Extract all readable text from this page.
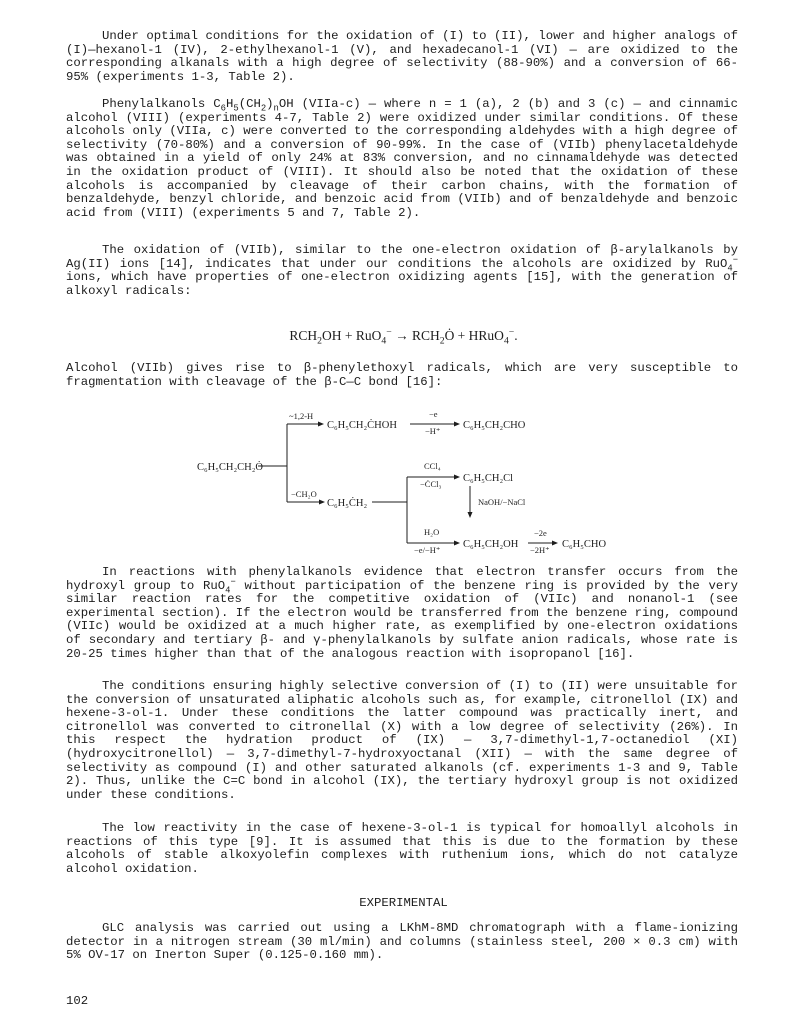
Under optimal conditions for the oxidation of (I) to (II), lower and higher analogs of (I)—hexanol-1 (IV), 2-ethylhexanol-1 (V), and hexadecanol-1 (VI) — are oxidized to the corresponding alkanals with a high degree of selectivity (88-90%) and a conversion of 66-95% (experiments 1-3, Table 2).

Phenylalkanols $C_6H_5(CH_2)_nOH$ (VIIa-c) — where n = 1 (a), 2 (b) and 3 (c) — and cinnamic alcohol (VIII) (experiments 4-7, Table 2) were oxidized under similar conditions. Of these alcohols only (VIIa, c) were converted to the corresponding aldehydes with a high degree of selectivity (70-80%) and a conversion of 90-99%. In the case of (VIIb) phenylacetaldehyde was obtained in a yield of only 24% at 83% conversion, and no cinnamaldehyde was detected in the oxidation product of (VIII). It should also be noted that the oxidation of these alcohols is accompanied by cleavage of their carbon chains, with the formation of benzaldehyde, benzyl chloride, and benzoic acid from (VIIb) and of benzaldehyde and benzoic acid from (VIII) (experiments 5 and 7, Table 2).

The oxidation of (VIIb), similar to the one-electron oxidation of β-arylalkanols by Ag(II) ions [14], indicates that under our conditions the alcohols are oxidized by RuO$_4$− ions, which have properties of one-electron oxidizing agents [15], with the generation of alkoxyl radicals:

$RCH_2OH + RuO_4^-$ → $RCH_2Ȯ$ + HRuO$_4$−.

Alcohol (VIIb) gives rise to β-phenylethoxyl radicals, which are very susceptible to fragmentation with cleavage of the β-C—C bond [16]:

C₆H₅CH₂CH₂Ȯ
~1,2-H
C₆H₅CH₂ĊHOH
−e
−H⁺ C₆H₅CH₂CHO
−CH₂O
C₆H₅ĊH₂
CCl₄
−ĊCl₃ C₆H₅CH₂Cl
NaOH/−NaCl
H₂O
−e/−H⁺ C₆H₅CH₂OH
−2e
−2H⁺ C₆H₅CHO

In reactions with phenylalkanols evidence that electron transfer occurs from the hydroxyl group to RuO$_4$− without participation of the benzene ring is provided by the very similar reaction rates for the competitive oxidation of (VIIc) and nonanol-1 (see experimental section). If the electron would be transferred from the benzene ring, compound (VIIc) would be oxidized at a much higher rate, as exemplified by one-electron oxidations of secondary and tertiary β- and γ-phenylalkanols by sulfate anion radicals, whose rate is 20-25 times higher than that of the analogous reaction with isopropanol [16].

The conditions ensuring highly selective conversion of (I) to (II) were unsuitable for the conversion of unsaturated aliphatic alcohols such as, for example, citronellol (IX) and hexene-3-ol-1. Under these conditions the latter compound was practically inert, and citronellol was converted to citronellal (X) with a low degree of selectivity (26%). In this respect the hydration product of (IX) — 3,7-dimethyl-1,7-octanediol (XI) (hydroxycitronellol) — 3,7-dimethyl-7-hydroxyoctanal (XII) — with the same degree of selectivity as compound (I) and other saturated alkanols (cf. experiments 1-3 and 9, Table 2). Thus, unlike the C=C bond in alcohol (IX), the tertiary hydroxyl group is not oxidized under these conditions.

The low reactivity in the case of hexene-3-ol-1 is typical for homoallyl alcohols in reactions of this type [9]. It is assumed that this is due to the formation by these alcohols of stable alkoxyolefin complexes with ruthenium ions, which do not catalyze alcohol oxidation.

EXPERIMENTAL

GLC analysis was carried out using a LKhM-8MD chromatograph with a flame-ionizing detector in a nitrogen stream (30 ml/min) and columns (stainless steel, 200 × 0.3 cm) with 5% OV-17 on Inerton Super (0.125-0.160 mm).

102
